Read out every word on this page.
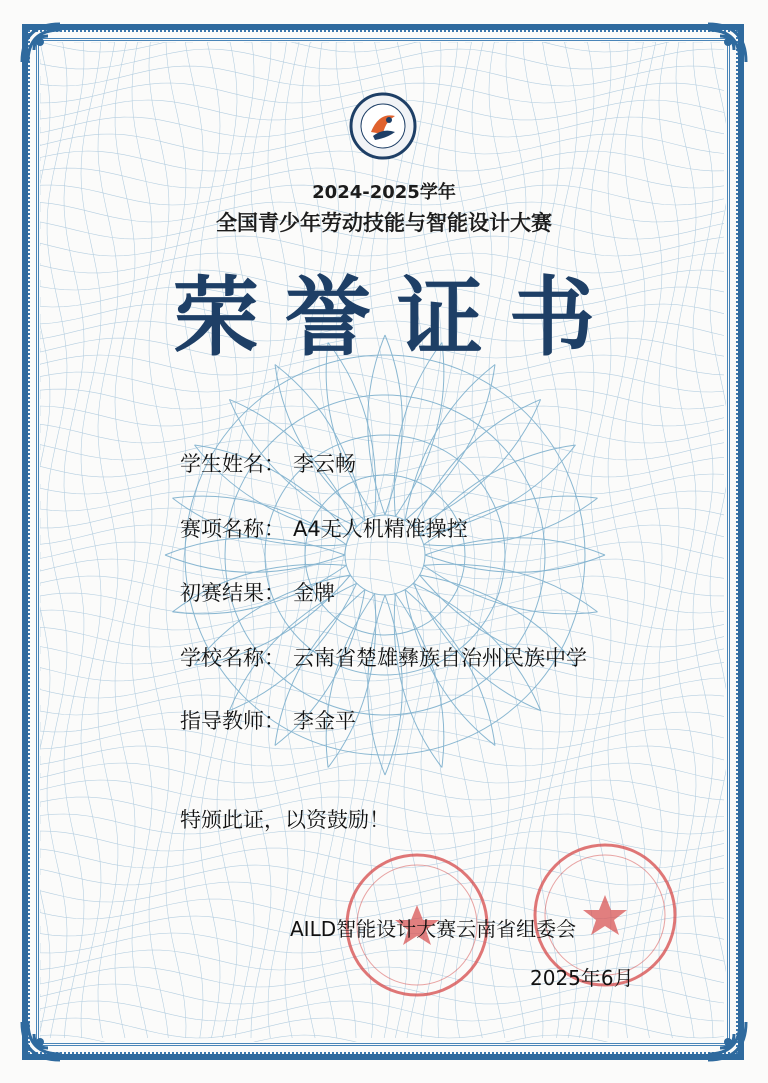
2024-2025学年
全国青少年劳动技能与智能设计大赛
荣誉证书
学生姓名： 李云畅
赛项名称： A4无人机精准操控
初赛结果： 金牌
学校名称： 云南省楚雄彝族自治州民族中学
指导教师： 李金平
特颁此证，以资鼓励！
AILD智能设计大赛云南省组委会
2025年6月
